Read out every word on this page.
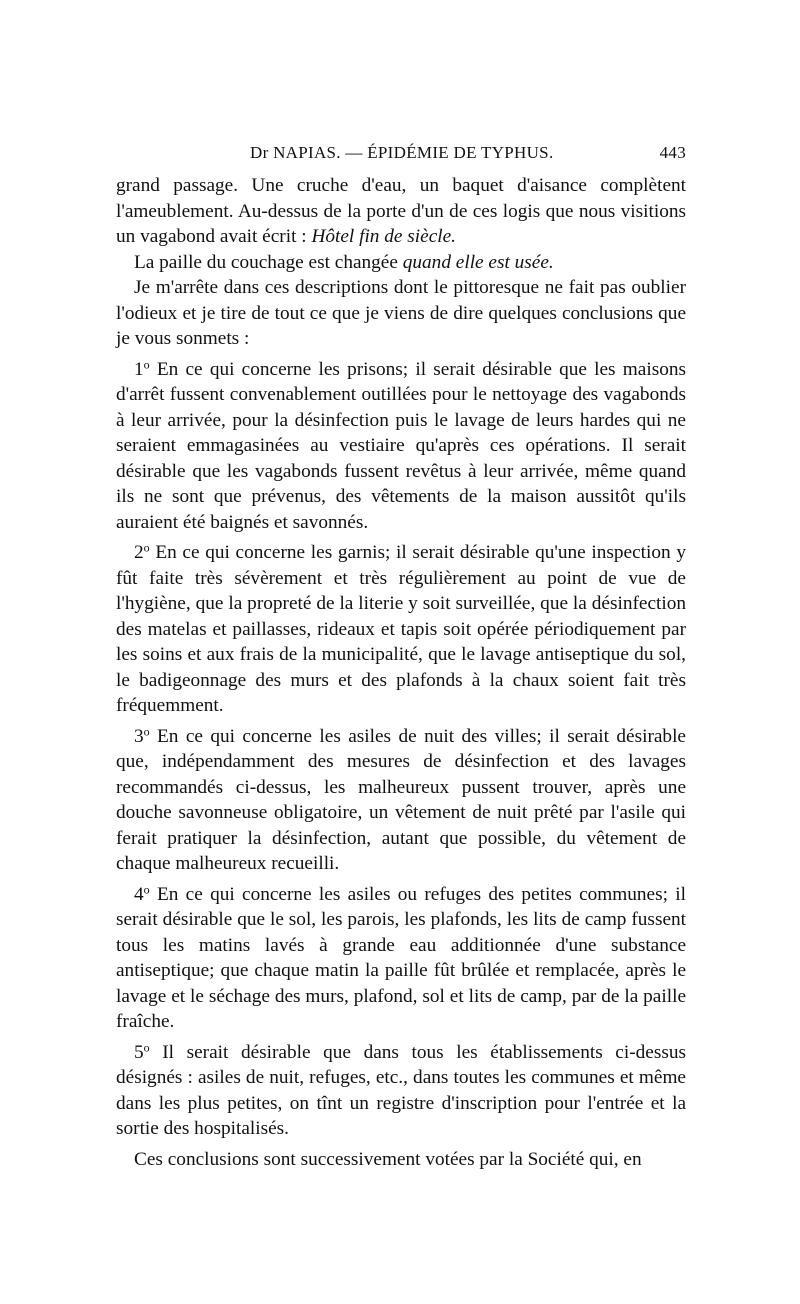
Dr NAPIAS. — ÉPIDÉMIE DE TYPHUS.	443

grand passage. Une cruche d'eau, un baquet d'aisance complètent l'ameublement. Au-dessus de la porte d'un de ces logis que nous visitions un vagabond avait écrit : Hôtel fin de siècle.

La paille du couchage est changée quand elle est usée.

Je m'arrête dans ces descriptions dont le pittoresque ne fait pas oublier l'odieux et je tire de tout ce que je viens de dire quelques conclusions que je vous sonmets :

1$^o$ En ce qui concerne les prisons; il serait désirable que les maisons d'arrêt fussent convenablement outillées pour le nettoyage des vagabonds à leur arrivée, pour la désinfection puis le lavage de leurs hardes qui ne seraient emmagasinées au vestiaire qu'après ces opérations. Il serait désirable que les vagabonds fussent revêtus à leur arrivée, même quand ils ne sont que prévenus, des vêtements de la maison aussitôt qu'ils auraient été baignés et savonnés.

2$^o$ En ce qui concerne les garnis; il serait désirable qu'une inspection y fût faite très sévèrement et très régulièrement au point de vue de l'hygiène, que la propreté de la literie y soit surveillée, que la désinfection des matelas et paillasses, rideaux et tapis soit opérée périodiquement par les soins et aux frais de la municipalité, que le lavage antiseptique du sol, le badigeonnage des murs et des plafonds à la chaux soient fait très fréquemment.

3$^o$ En ce qui concerne les asiles de nuit des villes; il serait désirable que, indépendamment des mesures de désinfection et des lavages recommandés ci-dessus, les malheureux pussent trouver, après une douche savonneuse obligatoire, un vêtement de nuit prêté par l'asile qui ferait pratiquer la désinfection, autant que possible, du vêtement de chaque malheureux recueilli.

4$^o$ En ce qui concerne les asiles ou refuges des petites communes; il serait désirable que le sol, les parois, les plafonds, les lits de camp fussent tous les matins lavés à grande eau additionnée d'une substance antiseptique; que chaque matin la paille fût brûlée et remplacée, après le lavage et le séchage des murs, plafond, sol et lits de camp, par de la paille fraîche.

5$^o$ Il serait désirable que dans tous les établissements ci-dessus désignés : asiles de nuit, refuges, etc., dans toutes les communes et même dans les plus petites, on tînt un registre d'inscription pour l'entrée et la sortie des hospitalisés.

Ces conclusions sont successivement votées par la Société qui, en
